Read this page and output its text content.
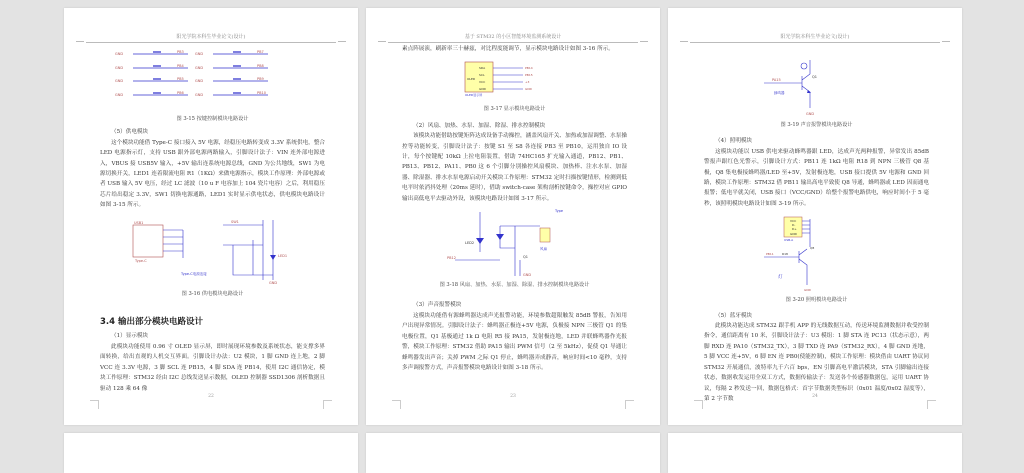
阳光学院本科生毕业论文(设计)
GND	GND
GND	GND
GND	GND
GND	GND
PB3	PB7
PB4	PB8
PB5	PB9
PB6	PB10
图 3-15 按键控制模块电路设计
（5）供电模块

这个模块功能借 Type-C 接口接入 5V 电源，经稳压电路转变成 3.3V 系统供电，整合 LED 电源指示灯，支持 USB 跟外部电源两路输入，引脚设计法子：VIN 连外部电源进入，VBUS 接 USB5V 输入，+5V 输出连系统电源总线，GND 为公共地线，SW1 为电源切换开关，LED1 连着限流电阻 R1（1KΩ）来做电源指示，模块工作原理：外部电源或者 USB 输入 5V 电压，经过 LC 滤波（10 u F 电容加上 104 瓷片电容）之后，利用稳压芯片给出稳定 3.3V，SW1 切换电源通路，LED1 实时显示供电状态，供电模块电路设计如图 3-15 所示。

USB1
Type-C
SW1
LED1
GND
Type-C电源连接
图 3-16 供电模块电路设计
3.4 输出部分模块电路设计
（1）显示模块

此模块功能使用 0.96 寸 OLED 显示屏，即时展现环境参数及系统状态，能支撑多界面转换，给出直观的人机交互界面。引脚设计办法：U2 模块，1 脚 GND 连上地，2 脚 VCC 连 3.3V 电源，3 脚 SCL 连 PB15，4 脚 SDA 连 PB14，使用 I2C 通信协定，模块工作原理：STM32 经由 I2C 总线发送显示数据，OLED 控制器 SSD1306 剖析数据且驱动 128 乘 64 像

22
基于 STM32 的小区智能环境监测系统设计

素点阵展演，刷新率三十赫兹，对比程度能调节，显示模块电路设计如图 3-16 所示。

SDA
SCL
VCC
GND
OLED
OLED显示屏
PB14
PB15
+3
GND
图 3-17 显示模块电路设计
（2）风扇、加热、水泵、加湿、除湿、排水控制模块

该模块功能借助按键矩阵达成设备手动操控，涵盖风扇开关、加热或加湿调整、水泵操控等功能转变，引脚设计法子：按键 S1 至 S8 各连接 PB3 至 PB10，运用独自 IO 设计，每个按键配 10kΩ 上拉电阻装置，借助 74HC165 扩充输入通道，PB12、PB1、PB13、PB12、PA11、PB0 这 6 个引脚分别操控风扇模块、加热棒、注水水泵、加湿器、除湿器、排水水泵电源启动开关模块工作原理：STM32 定时扫描按键情形，检测到低电平时依消抖处理（20ms 延时），借助 switch-case 架构剖析按键命令，操控对应 GPIO 输出高低电平去驱动外设，该模块电路设计如图 3-17 所示。

Type
风扇
LED2
Q1
PB12
GND
图 3-18 风扇、加热、水泵、加湿、除湿、排水控制模块电路设计
（3）声音报警模块

这模块功能借有源蜂鸣器达成声光报警功能，环境参数超限触发 85dB 警报，告知用户出现异常情况。引脚设计法子：蜂鸣器正极连+5V 电源，负极接 NPN 三极管 Q1 的集电极位置，Q1 基极通过 1k Ω 电阻 R5 接 PA15，发射极连地，LED 并联蜂鸣器作光报警，模块工作原理：STM32 借助 PA15 输出 PWM 信号（2 至 5kHz），促使 Q1 导通让蜂鸣器发出声音；关掉 PWM 之际 Q1 停止，蜂鸣器弄成静音，响应时间<10 毫秒，支持多声调报警方式，声音报警模块电路设计如图 3-18 所示。

23
阳光学院本科生毕业论文(设计)
PA15
蜂鸣器
Q1
GND
图 3-19 声音报警模块电路设计
（4）照明模块

这模块功能以 USB 供电来驱动蜂鸣器跟 LED，达成声光两种报警，异常发出 85dB 警报声跟红色光警示，引脚设计方式：PB11 连 1kΩ 电阻 R18 到 NPN 三极管 Q8 基极，Q8 集电极接蜂鸣器/LED 至+5V，发射极连地，USB 接口提供 5V 电源和 GND 回路，模块工作原理：STM32 借 PB11 输出高电平致使 Q8 导通，蜂鸣器或 LED 因而通电报警；低电平就关闭，USB 接口（VCC/GND）给整个报警电路供电，响应时间小于 5 毫秒，该照明模块电路设计如图 3-19 所示。

VCC
D-
D+
GND
USB-A
PB11	R18
Q8
GND
灯
图 3-20 照明模块电路设计
（5）蓝牙模块

此模块功能达成 STM32 跟手机 APP 的无线数据互动，传送环境监测数据并收受控制指令，通信距离有 10 米，引脚设计法子：U3 模组：1 脚 STA 连 PC13（状态示意），两脚 RXD 连 PA10（STM32_TX），3 脚 TXD 连 PA9（STM32_RX），4 脚 GND 连地，5 脚 VCC 连+5V，6 脚 EN 连 PB0(使能控制)，模块工作原理：模块借由 UART 协议同 STM32 开展通信，波特率九千六百 bps，EN 引脚高电平激活模块，STA 引脚输出连接状态，数据收发运用全双工方式，数据传输法子：发送各个传感器数据包，运用 UART 协议，每隔 2 秒发送一回，数据包格式：首字节数据类型标识（0x01 温度/0x02 湿度等），第 2 字节数	24
